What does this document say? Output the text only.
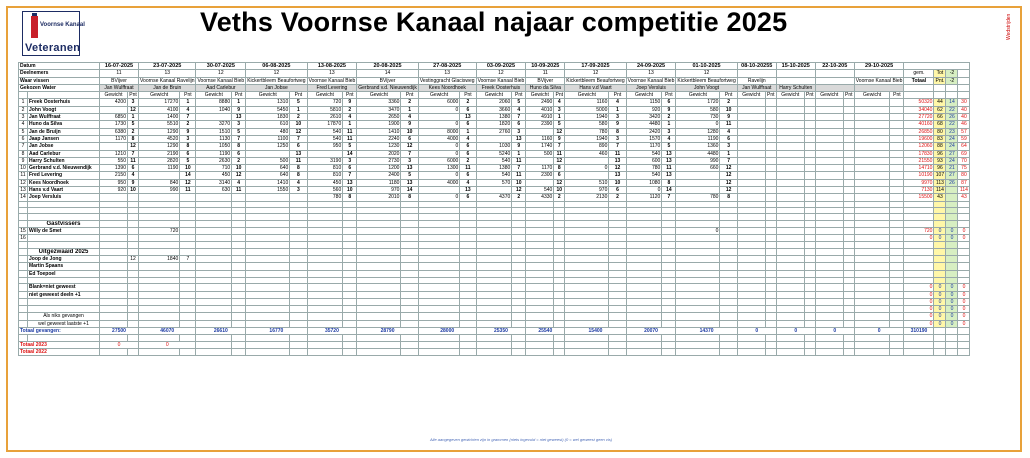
Voornse Kanaal
Veteranen
Veths Voornse Kanaal najaar competitie 2025	Wedstrijden
Datum		16-07-2025		23-07-2025		30-07-2025		06-08-2025		13-08-2025		20-08-2025		27-08-2025		03-09-2025		10-09-2025		17-09-2025		24-09-2025		01-10-2025		08-10-20255		15-10-2025		22-10-205		29-10-2025					
Deelnemers		11		13		12		12		13		14		13		12		11		12		13		12										gem.	Tot	-2	
Waar vissen		BVijver		Voornse Kanaal Ravelijn		Voornse Kanaal Bieb		Kickertbleem Beaufortweg		Voornse Kanaal Bieb		BVijver		Vestinggracht Glacisweg		Voornse Kanaal Bieb		BVijver		Kickertbleem Beaufortweg		Voornse Kanaal Bieb		Kickertbleem Beaufortweg		Ravelijn						Voornse Kanaal Bieb		Totaal	Pnt.	-2	
Gekozen Water		Jan Wulffraat		Jan de Bruin		Aad Carlebur		Jan Jobse		Fred Levering		Gerbrand v.d. Nieuwendijk		Kees Noordhoek		Freek Oosterhuis		Huno da Silva		Hans v.d Vaart		Joep Versluis		John Voogt		Jan Wulffraat		Harry Schulten									
		Gewicht	Pnt	Gewicht	Pnt	Gewicht	Pnt	Gewicht	Pnt	Gewicht	Pnt	Gewicht	Pnt	Gewicht	Pnt	Gewicht	Pnt	Gewicht	Pnt	Gewicht	Pnt	Gewicht	Pnt	Gewicht	Pnt	Gewicht	Pnt	Gewicht	Pnt	Gewicht	Pnt	Gewicht	Pnt				
1	Freek Oosterhuis	4200	3	17270	1	8880	1	1310	5	720	9	3360	2	6000	2	2060	5	2490	4	1160	4	1150	6	1720	2									50320	44	14	30
2	John Voogt		12	4100	4	1040	9	5450	1	5810	2	3470	1	0	6	3660	4	4010	3	5000	1	920	9	580	10									34040	62	22	40
3	Jan Wulffraat	6850	1	1400	7		13	1830	2	2610	4	2650	4		13	1380	7	4910	1	1940	3	3420	2	730	9									27720	66	26	40
4	Huno da Silva	1730	5	5510	2	3270	3	610	10	17870	1	1900	9	0	6	1820	6	2390	5	580	9	4480	1	0	11									40160	68	22	46
5	Jan de Bruijn	6380	2	1290	9	1510	5	480	12	540	11	1410	10	8000	1	2760	3		12	780	8	2420	3	1280	4									26850	80	23	57
6	Jaap Jansen	1170	8	4520	3	1130	7	1100	7	540	11	2240	6	4000	4		13	1160	9	1940	3	1570	4	1190	6									19600	83	24	59
7	Jan Jobse		12	1290	8	1050	8	1250	6	950	5	1230	12	0	6	1030	9	1740	7	890	7	1170	5	1360	3									12060	88	24	64
8	Aad Carlebur	1210	7	2190	6	1190	6		13		14	2020	7	0	6	5240	1	500	11	460	11	540	13	4480	1									17830	96	27	69
9	Harry Schulten	550	11	2820	5	2630	2	500	11	3190	3	2730	3	6000	2	540	11		12		13	600	13	990	7									21550	93	24	70
10	Gerbrand v.d. Nieuwendijk	1390	6	1190	10	710	10	640	8	810	6	1200	13	1300	11	1380	7	1170	8	0	12	780	11	660	12									14710	96	21	75
11	Fred Levering	2150	4		14	450	12	640	8	810	7	2400	5	0	6	540	11	2300	6		13	540	13		12									10190	107	27	80
12	Kees Noordhoek	950	9	840	12	3140	4	1410	4	450	13	1180	13	4000	4	570	10		12	510	10	1080	8		12									9970	113	26	87
13	Hans v.d Vaart	920	10	990	11	630	11	1550	3	560	10	970	14		13		12	540	10	970	6	0	14		12									7130	114		114
14	Joep Versluis									780	8	2010	8	0	6	4370	2	4330	2	2130	2	1120	7	780	8									15500	43		43

	Gastvissers																																				
15	Willy de Smet			720																				0										720	0	0	0
16																																		0	0	0	0

	Uitgezwaaid 2025																																				
	Joop de Jong		12	1840	7																																
	Martin Spaans																																				
	Ed Toepoel																																				

	Blank=niet geweest																																	0	0	0	0
	niet geweest deeln +1																																	0	0	0	0
																																		0	0	0	0
																																		0	0	0	0
	Als niks gevangen																																	0	0	0	0
	wel geweest laatste +1																																	0	0	0	0
Totaal gevangen:		27500		46070		26610		16770		35720		28790		28000		25350		25540		15400		20070		14370		0		0		0		0		310190			

Totaal 2023		0		0																																	
Totaal 2022																																					
Alle aangegeven gewichten zijn in grammen (niets ingevuld = niet geweest) (0 = wel geweest geen vis)
